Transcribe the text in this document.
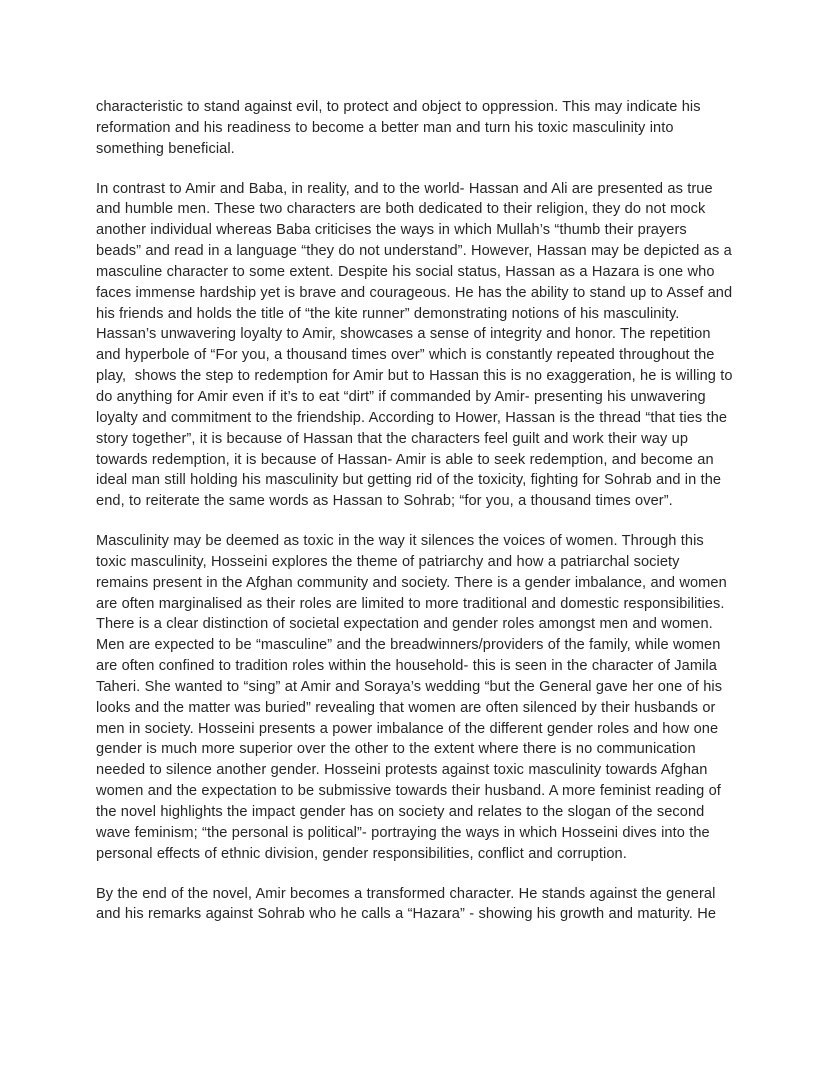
characteristic to stand against evil, to protect and object to oppression. This may indicate his reformation and his readiness to become a better man and turn his toxic masculinity into something beneficial.

In contrast to Amir and Baba, in reality, and to the world- Hassan and Ali are presented as true and humble men. These two characters are both dedicated to their religion, they do not mock another individual whereas Baba criticises the ways in which Mullah’s “thumb their prayers beads” and read in a language “they do not understand”. However, Hassan may be depicted as a masculine character to some extent. Despite his social status, Hassan as a Hazara is one who faces immense hardship yet is brave and courageous. He has the ability to stand up to Assef and his friends and holds the title of “the kite runner” demonstrating notions of his masculinity. Hassan’s unwavering loyalty to Amir, showcases a sense of integrity and honor. The repetition and hyperbole of “For you, a thousand times over” which is constantly repeated throughout the play,  shows the step to redemption for Amir but to Hassan this is no exaggeration, he is willing to do anything for Amir even if it’s to eat “dirt” if commanded by Amir- presenting his unwavering loyalty and commitment to the friendship. According to Hower, Hassan is the thread “that ties the story together”, it is because of Hassan that the characters feel guilt and work their way up towards redemption, it is because of Hassan- Amir is able to seek redemption, and become an ideal man still holding his masculinity but getting rid of the toxicity, fighting for Sohrab and in the end, to reiterate the same words as Hassan to Sohrab; “for you, a thousand times over”.

Masculinity may be deemed as toxic in the way it silences the voices of women. Through this toxic masculinity, Hosseini explores the theme of patriarchy and how a patriarchal society remains present in the Afghan community and society. There is a gender imbalance, and women are often marginalised as their roles are limited to more traditional and domestic responsibilities. There is a clear distinction of societal expectation and gender roles amongst men and women. Men are expected to be “masculine” and the breadwinners/providers of the family, while women are often confined to tradition roles within the household- this is seen in the character of Jamila Taheri. She wanted to “sing” at Amir and Soraya’s wedding “but the General gave her one of his looks and the matter was buried” revealing that women are often silenced by their husbands or men in society. Hosseini presents a power imbalance of the different gender roles and how one gender is much more superior over the other to the extent where there is no communication needed to silence another gender. Hosseini protests against toxic masculinity towards Afghan women and the expectation to be submissive towards their husband. A more feminist reading of the novel highlights the impact gender has on society and relates to the slogan of the second wave feminism; “the personal is political”- portraying the ways in which Hosseini dives into the personal effects of ethnic division, gender responsibilities, conflict and corruption.

By the end of the novel, Amir becomes a transformed character. He stands against the general and his remarks against Sohrab who he calls a “Hazara” - showing his growth and maturity. He
